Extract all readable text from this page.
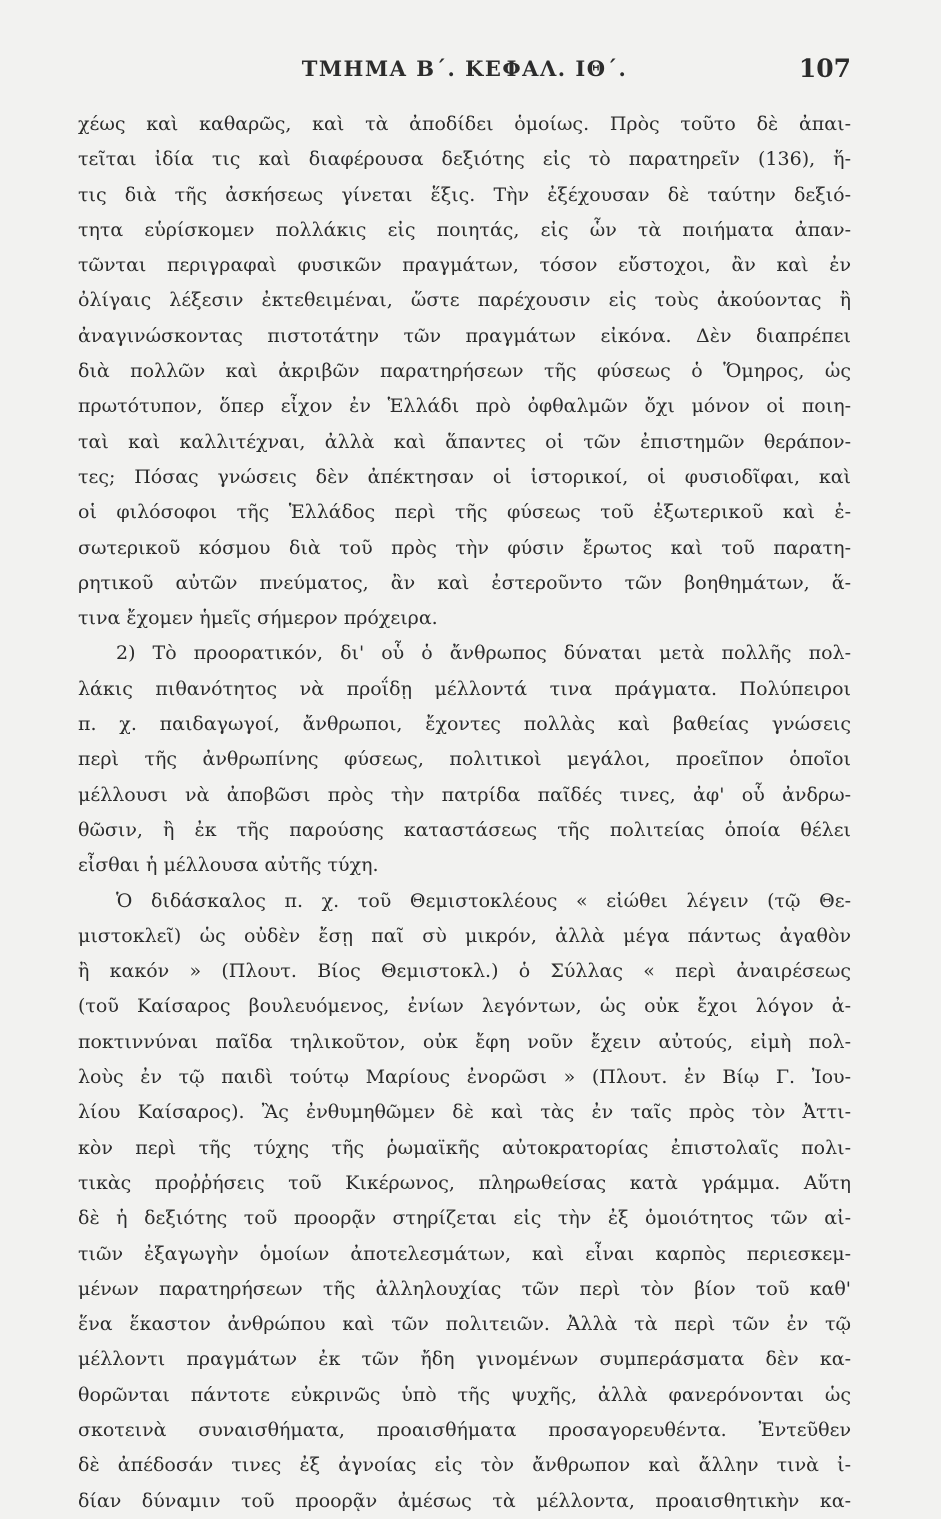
ΤΜΗΜΑ Β΄. ΚΕΦΑΛ. ΙΘ΄.	107
χέως καὶ καθαρῶς, καὶ τὰ ἀποδίδει ὁμοίως. Πρὸς τοῦτο δὲ ἀπαι-
τεῖται ἰδία τις καὶ διαφέρουσα δεξιότης εἰς τὸ παρατηρεῖν (136), ἥ-
τις διὰ τῆς ἀσκήσεως γίνεται ἕξις. Τὴν ἐξέχουσαν δὲ ταύτην δεξιό-
τητα εὑρίσκομεν πολλάκις εἰς ποιητάς, εἰς ὧν τὰ ποιήματα ἀπαν-
τῶνται περιγραφαὶ φυσικῶν πραγμάτων, τόσον εὔστοχοι, ἂν καὶ ἐν
ὀλίγαις λέξεσιν ἐκτεθειμέναι, ὥστε παρέχουσιν εἰς τοὺς ἀκούοντας ἢ
ἀναγινώσκοντας πιστοτάτην τῶν πραγμάτων εἰκόνα. Δὲν διαπρέπει
διὰ πολλῶν καὶ ἀκριβῶν παρατηρήσεων τῆς φύσεως ὁ Ὅμηρος, ὡς
πρωτότυπον, ὅπερ εἶχον ἐν Ἑλλάδι πρὸ ὀφθαλμῶν ὄχι μόνον οἱ ποιη-
ταὶ καὶ καλλιτέχναι, ἀλλὰ καὶ ἅπαντες οἱ τῶν ἐπιστημῶν θεράπον-
τες; Πόσας γνώσεις δὲν ἀπέκτησαν οἱ ἱστορικοί, οἱ φυσιοδῖφαι, καὶ
οἱ φιλόσοφοι τῆς Ἑλλάδος περὶ τῆς φύσεως τοῦ ἐξωτερικοῦ καὶ ἐ-
σωτερικοῦ κόσμου διὰ τοῦ πρὸς τὴν φύσιν ἔρωτος καὶ τοῦ παρατη-
ρητικοῦ αὐτῶν πνεύματος, ἂν καὶ ἐστεροῦντο τῶν βοηθημάτων, ἅ-
τινα ἔχομεν ἡμεῖς σήμερον πρόχειρα.
2) Τὸ προορατικόν, δι' οὗ ὁ ἄνθρωπος δύναται μετὰ πολλῆς πολ-
λάκις πιθανότητος νὰ προΐδῃ μέλλοντά τινα πράγματα. Πολύπειροι
π. χ. παιδαγωγοί, ἄνθρωποι, ἔχοντες πολλὰς καὶ βαθείας γνώσεις
περὶ τῆς ἀνθρωπίνης φύσεως, πολιτικοὶ μεγάλοι, προεῖπον ὁποῖοι
μέλλουσι νὰ ἀποβῶσι πρὸς τὴν πατρίδα παῖδές τινες, ἀφ' οὗ ἀνδρω-
θῶσιν, ἢ ἐκ τῆς παρούσης καταστάσεως τῆς πολιτείας ὁποία θέλει
εἶσθαι ἡ μέλλουσα αὐτῆς τύχη.
Ὁ διδάσκαλος π. χ. τοῦ Θεμιστοκλέους « εἰώθει λέγειν (τῷ Θε-
μιστοκλεῖ) ὡς οὐδὲν ἔσῃ παῖ σὺ μικρόν, ἀλλὰ μέγα πάντως ἀγαθὸν
ἢ κακόν » (Πλουτ. Βίος Θεμιστοκλ.) ὁ Σύλλας « περὶ ἀναιρέσεως
(τοῦ Καίσαρος βουλευόμενος, ἐνίων λεγόντων, ὡς οὐκ ἔχοι λόγον ἀ-
ποκτιννύναι παῖδα τηλικοῦτον, οὐκ ἔφη νοῦν ἔχειν αὐτούς, εἰμὴ πολ-
λοὺς ἐν τῷ παιδὶ τούτῳ Μαρίους ἐνορῶσι » (Πλουτ. ἐν Βίῳ Γ. Ἰου-
λίου Καίσαρος). Ἂς ἐνθυμηθῶμεν δὲ καὶ τὰς ἐν ταῖς πρὸς τὸν Ἀττι-
κὸν περὶ τῆς τύχης τῆς ῥωμαϊκῆς αὐτοκρατορίας ἐπιστολαῖς πολι-
τικὰς προῤῥήσεις τοῦ Κικέρωνος, πληρωθείσας κατὰ γράμμα. Αὕτη
δὲ ἡ δεξιότης τοῦ προορᾷν στηρίζεται εἰς τὴν ἐξ ὁμοιότητος τῶν αἰ-
τιῶν ἐξαγωγὴν ὁμοίων ἀποτελεσμάτων, καὶ εἶναι καρπὸς περιεσκεμ-
μένων παρατηρήσεων τῆς ἀλληλουχίας τῶν περὶ τὸν βίον τοῦ καθ'
ἕνα ἕκαστον ἀνθρώπου καὶ τῶν πολιτειῶν. Ἀλλὰ τὰ περὶ τῶν ἐν τῷ
μέλλοντι πραγμάτων ἐκ τῶν ἤδη γινομένων συμπεράσματα δὲν κα-
θορῶνται πάντοτε εὐκρινῶς ὑπὸ τῆς ψυχῆς, ἀλλὰ φανερόνονται ὡς
σκοτεινὰ συναισθήματα, προαισθήματα προσαγορευθέντα. Ἐντεῦθεν
δὲ ἀπέδοσάν τινες ἐξ ἀγνοίας εἰς τὸν ἄνθρωπον καὶ ἄλλην τινὰ ἰ-
δίαν δύναμιν τοῦ προορᾷν ἀμέσως τὰ μέλλοντα, προαισθητικὴν κα-
